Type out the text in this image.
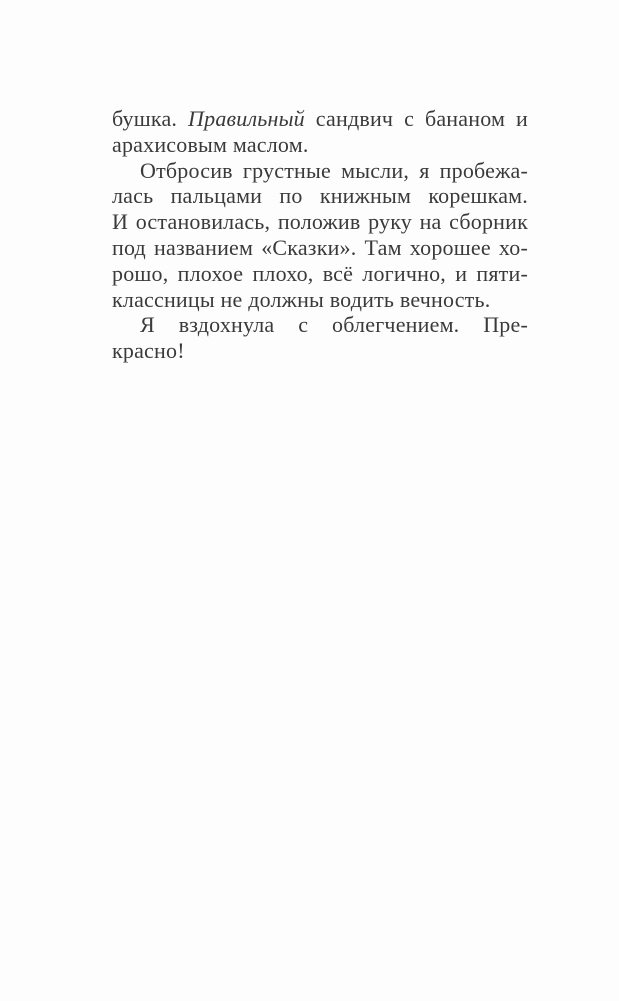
бушка. Правильный сандвич с бананом и
арахисовым маслом.
Отбросив грустные мысли, я пробежа-
лась пальцами по книжным корешкам.
И остановилась, положив руку на сборник
под названием «Сказки». Там хорошее хо-
рошо, плохое плохо, всё логично, и пяти-
классницы не должны водить вечность.
Я вздохнула с облегчением. Пре-
красно!
